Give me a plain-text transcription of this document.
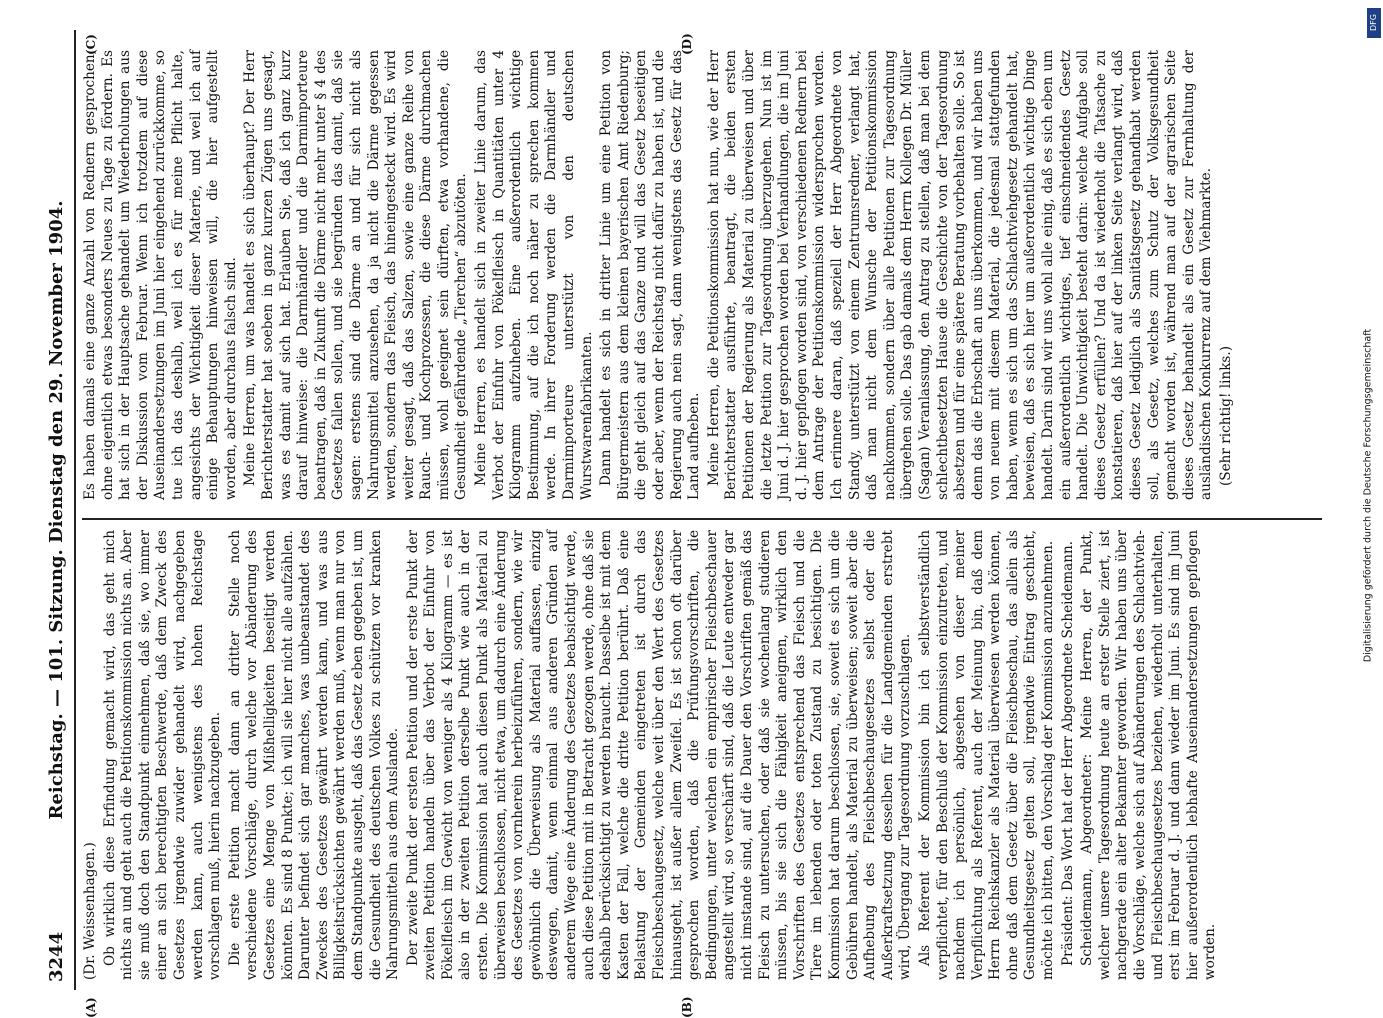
3244
Reichstag. — 101. Sitzung. Dienstag den 29. November 1904.
(A)	(B)
(C)	(D)

(Dr. Weissenhagen.) Ob wirklich diese Erfindung gemacht wird, das geht mich nichts an und geht auch die Petitionskommission nichts an. Aber sie muß doch den Standpunkt einnehmen, daß sie, wo immer einer an sich berechtigten Beschwerde, daß dem Zweck des Gesetzes irgendwie zuwider gehandelt wird, nachgegeben werden kann, auch wenigstens des hohen Reichstage vorschlagen muß, hierin nachzugeben. Die erste Petition macht dann an dritter Stelle noch verschiedene Vorschläge, durch welche vor Abänderung des Gesetzes eine Menge von Mißhelligkeiten beseitigt werden könnten. Es sind 8 Punkte; ich will sie hier nicht alle aufzählen. Darunter befindet sich gar manches, was unbeanstandet des Zweckes des Gesetzes gewährt werden kann, und was aus Billigkeitsrücksichten gewährt werden muß, wenn man nur von dem Standpunkte ausgeht, daß das Gesetz eben gegeben ist, um die Gesundheit des deutschen Volkes zu schützen vor kranken Nahrungsmitteln aus dem Auslande. Der zweite Punkt der ersten Petition und der erste Punkt der zweiten Petition handeln über das Verbot der Einfuhr von Pökelfleisch im Gewicht von weniger als 4 Kilogramm — es ist also in der zweiten Petition derselbe Punkt wie auch in der ersten. Die Kommission hat auch diesen Punkt als Material zu überweisen beschlossen, nicht etwa, um dadurch eine Änderung des Gesetzes von vornherein herbeizuführen, sondern, wie wir gewöhnlich die Überweisung als Material auffassen, einzig deswegen, damit, wenn einmal aus anderen Gründen auf anderem Wege eine Änderung des Gesetzes beabsichtigt werde, auch diese Petition mit in Betracht gezogen werde, ohne daß sie deshalb berücksichtigt zu werden braucht. Dasselbe ist mit dem Kasten der Fall, welche die dritte Petition berührt. Daß eine Belastung der Gemeinden eingetreten ist durch das Fleischbeschaugesetz, welche weit über den Wert des Gesetzes hinausgeht, ist außer allem Zweifel. Es ist schon oft darüber gesprochen worden, daß die Prüfungsvorschriften, die Bedingungen, unter welchen ein empirischer Fleischbeschauer angestellt wird, so verschärft sind, daß die Leute entweder gar nicht imstande sind, auf die Dauer den Vorschriften gemäß das Fleisch zu untersuchen, oder daß sie wochenlang studieren müssen, bis sie sich die Fähigkeit aneignen, wirklich den Vorschriften des Gesetzes entsprechend das Fleisch und die Tiere im lebenden oder toten Zustand zu besichtigen. Die Kommission hat darum beschlossen, sie, soweit es sich um die Gebühren handelt, als Material zu überweisen; soweit aber die Aufhebung des Fleischbeschaugesetzes selbst oder die Außerkraftsetzung desselben für die Landgemeinden erstrebt wird, Übergang zur Tagesordnung vorzuschlagen. Als Referent der Kommission bin ich selbstverständlich verpflichtet, für den Beschluß der Kommission einzutreten, und nachdem ich persönlich, abgesehen von dieser meiner Verpflichtung als Referent, auch der Meinung bin, daß dem Herrn Reichskanzler als Material überwiesen werden können, ohne daß dem Gesetz über die Fleischbeschau, das allein als Gesundheitsgesetz gelten soll, irgendwie Eintrag geschieht, möchte ich bitten, den Vorschlag der Kommission anzunehmen. Präsident: Das Wort hat der Herr Abgeordnete Scheidemann. Scheidemann, Abgeordneter: Meine Herren, der Punkt, welcher unsere Tagesordnung heute an erster Stelle ziert, ist nachgerade ein alter Bekannter geworden. Wir haben uns über die Vorschläge, welche sich auf Abänderungen des Schlachtvieh- und Fleischbeschaugesetzes beziehen, wiederholt unterhalten, erst im Februar d. J. und dann wieder im Juni. Es sind im Juni hier außerordentlich lebhafte Auseinandersetzungen gepflogen worden.

Es haben damals eine ganze Anzahl von Rednern gesprochen, ohne eigentlich etwas besonders Neues zu Tage zu fördern. Es hat sich in der Hauptsache gehandelt um Wiederholungen aus der Diskussion vom Februar. Wenn ich trotzdem auf diese Auseinandersetzungen im Juni hier eingehend zurückkomme, so tue ich das deshalb, weil ich es für meine Pflicht halte, angesichts der Wichtigkeit dieser Materie, und weil ich auf einige Behauptungen hinweisen will, die hier aufgestellt worden, aber durchaus falsch sind. Meine Herren, um was handelt es sich überhaupt? Der Herr Berichterstatter hat soeben in ganz kurzen Zügen uns gesagt, was es damit auf sich hat. Erlauben Sie, daß ich ganz kurz darauf hinweise: die Darmhändler und die Darmimporteure beantragen, daß in Zukunft die Därme nicht mehr unter § 4 des Gesetzes fallen sollen, und sie begründen das damit, daß sie sagen: erstens sind die Därme an und für sich nicht als Nahrungsmittel anzusehen, da ja nicht die Därme gegessen werden, sondern das Fleisch, das hineingesteckt wird. Es wird weiter gesagt, daß das Salzen, sowie eine ganze Reihe von Rauch- und Kochprozessen, die diese Därme durchmachen müssen, wohl geeignet sein dürften, etwa vorhandene, die Gesundheit gefährdende „Tierchen“ abzutöten. Meine Herren, es handelt sich in zweiter Linie darum, das Verbot der Einfuhr von Pökelfleisch in Quantitäten unter 4 Kilogramm aufzuheben. Eine außerordentlich wichtige Bestimmung, auf die ich noch näher zu sprechen kommen werde. In ihrer Forderung werden die Darmhändler und Darmimporteure unterstützt von den deutschen Wurstwarenfabrikanten. Dann handelt es sich in dritter Linie um eine Petition von Bürgermeistern aus dem kleinen bayerischen Amt Riedenburg; die geht gleich auf das Ganze und will das Gesetz beseitigen oder aber, wenn der Reichstag nicht dafür zu haben ist, und die Regierung auch nein sagt, dann wenigstens das Gesetz für das Land aufheben. Meine Herren, die Petitionskommission hat nun, wie der Herr Berichterstatter ausführte, beantragt, die beiden ersten Petitionen der Regierung als Material zu überweisen und über die letzte Petition zur Tagesordnung überzugehen. Nun ist im Juni d. J. hier gesprochen worden bei Verhandlungen, die im Juni d. J. hier gepflogen worden sind, von verschiedenen Rednern bei dem Antrage der Petitionskommission widersprochen worden. Ich erinnere daran, daß speziell der Herr Abgeordnete von Standy, unterstützt von einem Zentrumsredner, verlangt hat, daß man nicht dem Wunsche der Petitionskommission nachkommen, sondern über alle Petitionen zur Tagesordnung übergehen solle. Das gab damals dem Herrn Kollegen Dr. Müller (Sagan) Veranlassung, den Antrag zu stellen, daß man bei dem schlechtbesetzten Hause die Geschichte von der Tagesordnung absetzen und für eine spätere Beratung vorbehalten solle. So ist denn das die Erbschaft an uns überkommen, und wir haben uns von neuem mit diesem Material, die jedesmal stattgefunden haben, wenn es sich um das Schlachtviehgesetz gehandelt hat, beweisen, daß es sich hier um außerordentlich wichtige Dinge handelt. Darin sind wir uns wohl alle einig, daß es sich eben um ein außerordentlich wichtiges, tief einschneidendes Gesetz handelt. Die Unwichtigkeit besteht darin: welche Aufgabe soll dieses Gesetz erfüllen? Und da ist wiederholt die Tatsache zu konstatieren, daß hier auf der linken Seite verlangt wird, daß dieses Gesetz lediglich als Sanitätsgesetz gehandhabt werden soll, als Gesetz, welches zum Schutz der Volksgesundheit gemacht worden ist, während man auf der agrarischen Seite dieses Gesetz behandelt als ein Gesetz zur Fernhaltung der ausländischen Konkurrenz auf dem Viehmarkte. (Sehr richtig! links.)

DFG
Digitalisierung gefördert durch die Deutsche Forschungsgemeinschaft
